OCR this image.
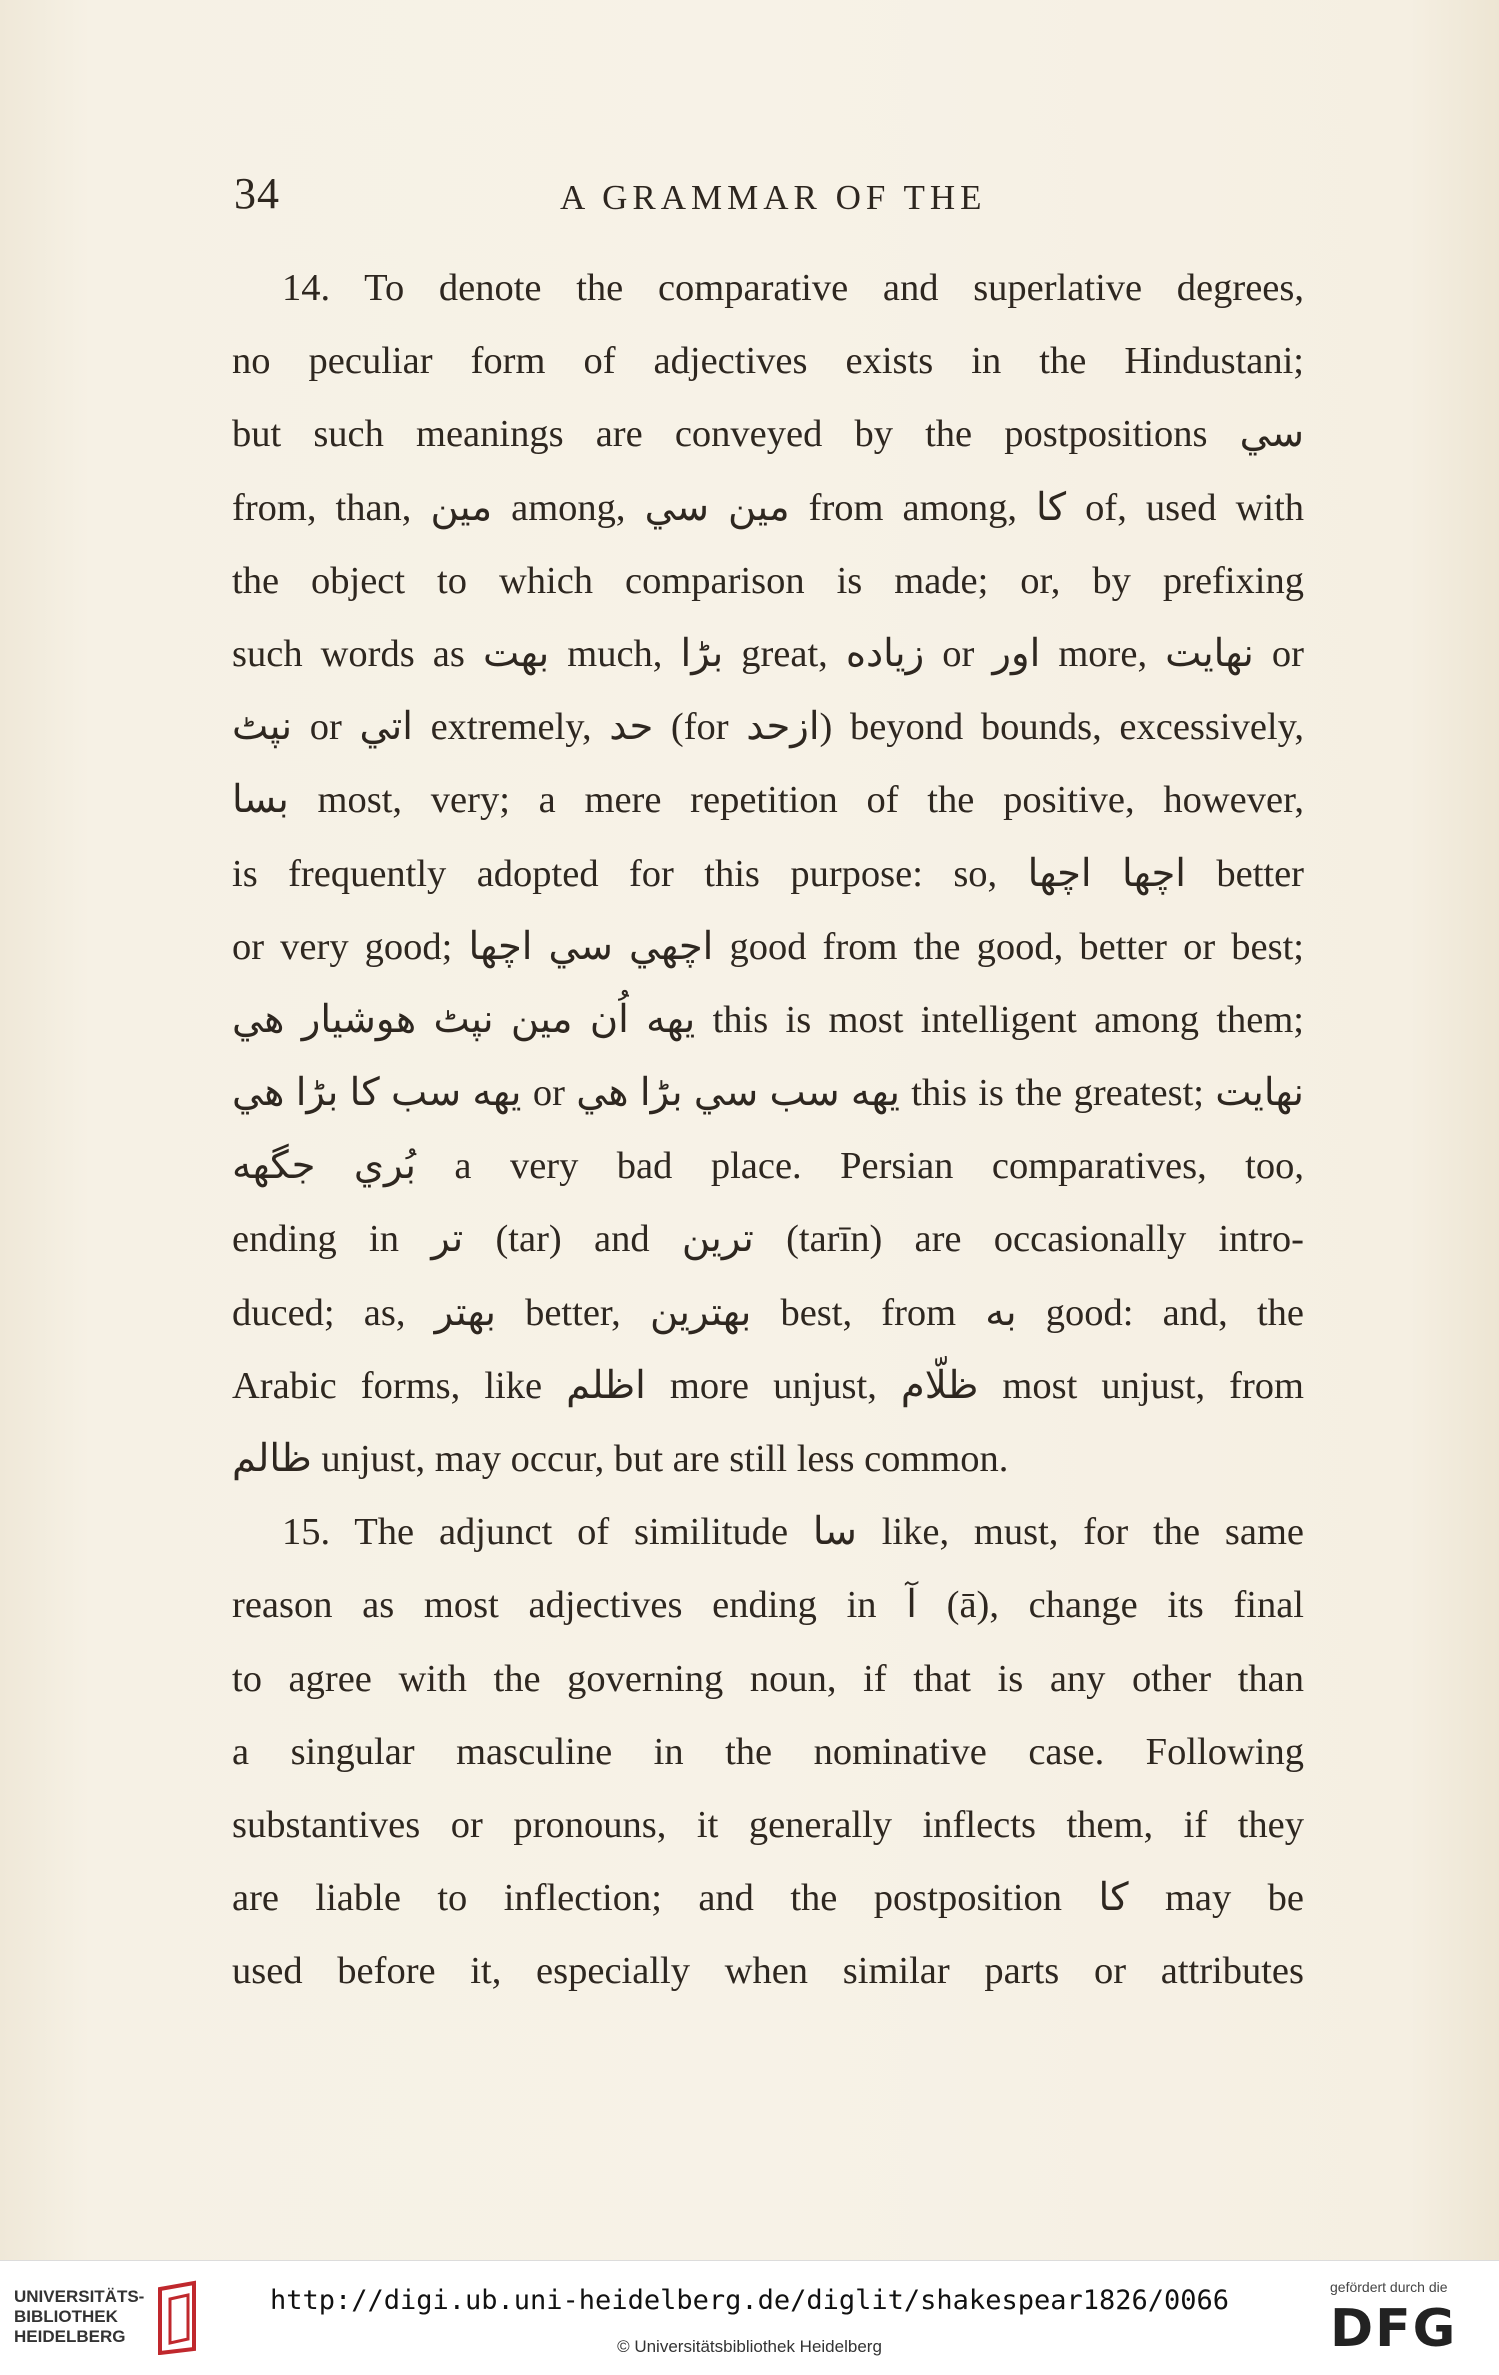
34	A GRAMMAR OF THE
14. To denote the comparative and superlative degrees,
no peculiar form of adjectives exists in the Hindustani;
but such meanings are conveyed by the postpositions سي
from, than, مين among, مين سي from among, كا of, used with
the object to which comparison is made; or, by prefixing
such words as بهت much, بڑا great, زياده or اور more, نهايت or
نپٹ or اتي extremely, حد (for ازحد) beyond bounds, excessively,
بسا most, very; a mere repetition of the positive, however,
is frequently adopted for this purpose: so, اچها اچها better
or very good; اچهي سي اچها good from the good, better or best;
يهه اُن مين نپٹ هوشيار هي this is most intelligent among them;
يهه سب كا بڑا هي or يهه سب سي بڑا هي this is the greatest; نهايت
بُري جگهه a very bad place. Persian comparatives, too,
ending in تر (tar) and ترين (tarīn) are occasionally intro-
duced; as, بهتر better, بهترين best, from به good: and, the
Arabic forms, like اظلم more unjust, ظلّام most unjust, from
ظالم unjust, may occur, but are still less common.
15. The adjunct of similitude سا like, must, for the same
reason as most adjectives ending in آ (ā), change its final
to agree with the governing noun, if that is any other than
a singular masculine in the nominative case. Following
substantives or pronouns, it generally inflects them, if they
are liable to inflection; and the postposition كا may be
used before it, especially when similar parts or attributes
UNIVERSITÄTS-
BIBLIOTHEK
HEIDELBERG
http://digi.ub.uni-heidelberg.de/diglit/shakespear1826/0066
© Universitätsbibliothek Heidelberg
gefördert durch die
DFG
